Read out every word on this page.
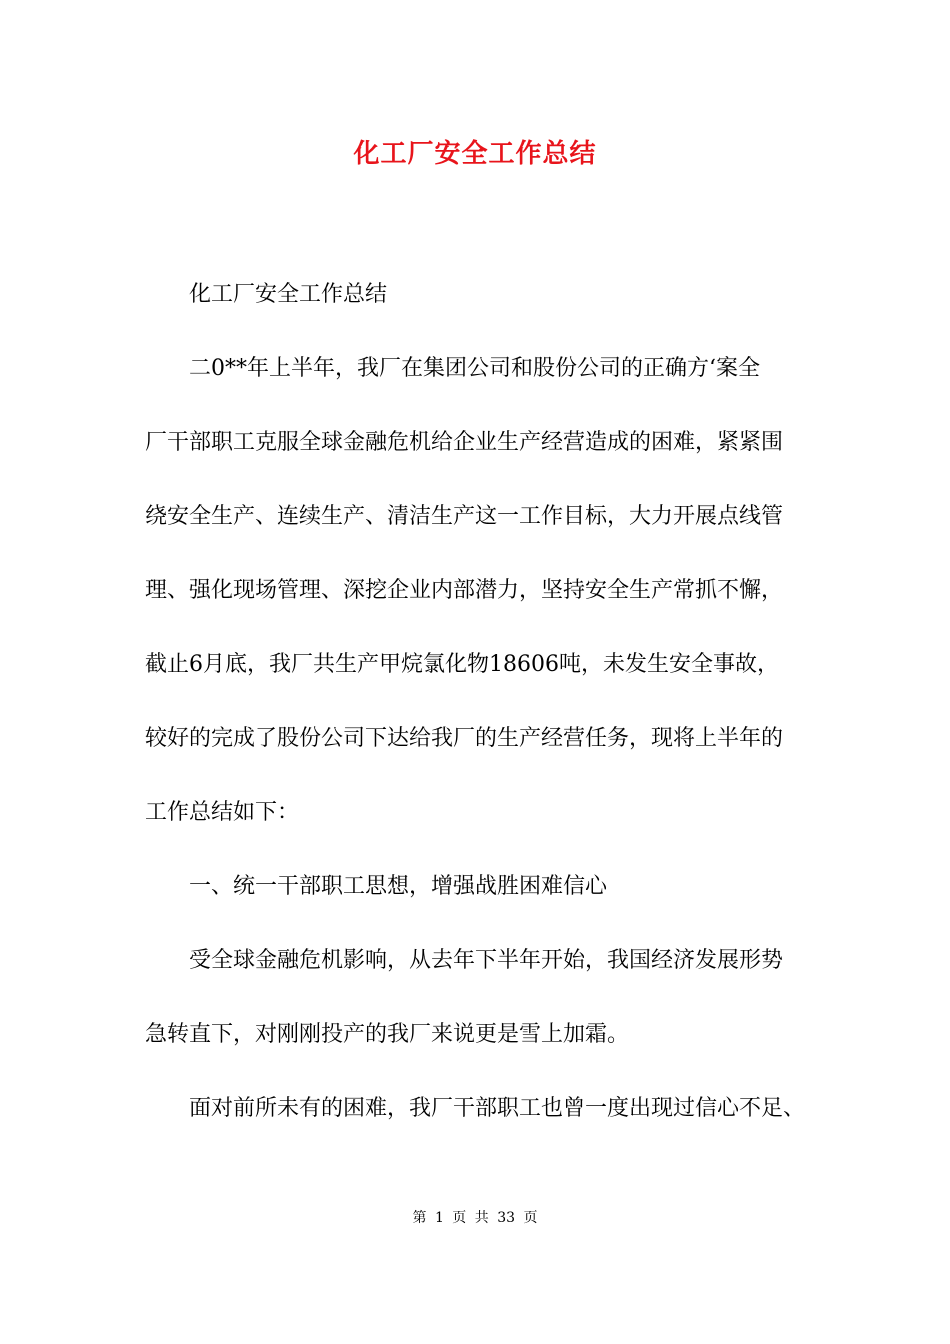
化工厂安全工作总结
　　化工厂安全工作总结
　　二0**年上半年，我厂在集团公司和股份公司的正确方‘案全
厂干部职工克服全球金融危机给企业生产经营造成的困难，紧紧围
绕安全生产、连续生产、清洁生产这一工作目标，大力开展点线管
理、强化现场管理、深挖企业内部潜力，坚持安全生产常抓不懈，
截止6月底，我厂共生产甲烷氯化物18606吨，未发生安全事故，
较好的完成了股份公司下达给我厂的生产经营任务，现将上半年的
工作总结如下：
　　一、统一干部职工思想，增强战胜困难信心
　　受全球金融危机影响，从去年下半年开始，我国经济发展形势
急转直下，对刚刚投产的我厂来说更是雪上加霜。
　　面对前所未有的困难，我厂干部职工也曾一度出现过信心不足、
第 1 页 共 33 页
